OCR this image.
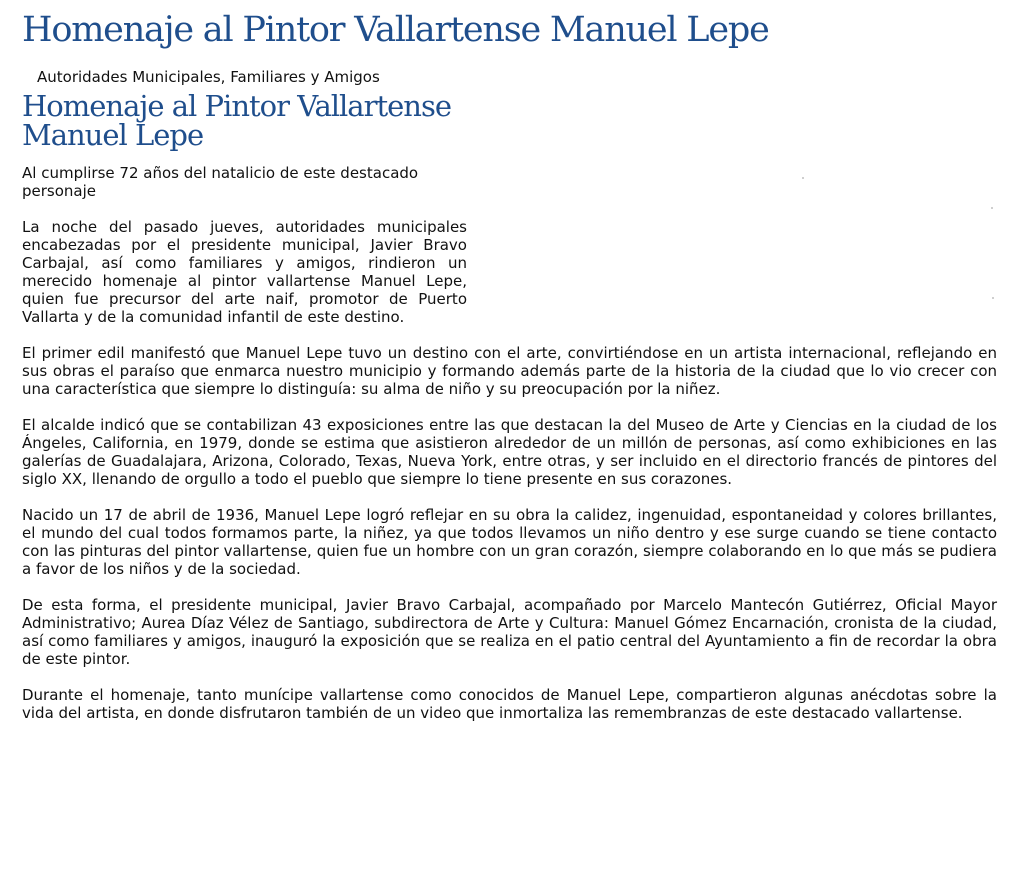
Homenaje al Pintor Vallartense Manuel Lepe
Autoridades Municipales, Familiares y Amigos
Homenaje al Pintor Vallartense Manuel Lepe

Al cumplirse 72 años del natalicio de este destacado personaje

La noche del pasado jueves, autoridades municipales encabezadas por el presidente municipal, Javier Bravo Carbajal, así como familiares y amigos, rindieron un merecido homenaje al pintor vallartense Manuel Lepe, quien fue precursor del arte naif, promotor de Puerto Vallarta y de la comunidad infantil de este destino.

El primer edil manifestó que Manuel Lepe tuvo un destino con el arte, convirtiéndose en un artista internacional, reflejando en sus obras el paraíso que enmarca nuestro municipio y formando además parte de la historia de la ciudad que lo vio crecer con una característica que siempre lo distinguía: su alma de niño y su preocupación por la niñez.

El alcalde indicó que se contabilizan 43 exposiciones entre las que destacan la del Museo de Arte y Ciencias en la ciudad de los Ángeles, California, en 1979, donde se estima que asistieron alrededor de un millón de personas, así como exhibiciones en las galerías de Guadalajara, Arizona, Colorado, Texas, Nueva York, entre otras, y ser incluido en el directorio francés de pintores del siglo XX, llenando de orgullo a todo el pueblo que siempre lo tiene presente en sus corazones.

Nacido un 17 de abril de 1936, Manuel Lepe logró reflejar en su obra la calidez, ingenuidad, espontaneidad y colores brillantes, el mundo del cual todos formamos parte, la niñez, ya que todos llevamos un niño dentro y ese surge cuando se tiene contacto con las pinturas del pintor vallartense, quien fue un hombre con un gran corazón, siempre colaborando en lo que más se pudiera a favor de los niños y de la sociedad.

De esta forma, el presidente municipal, Javier Bravo Carbajal, acompañado por Marcelo Mantecón Gutiérrez, Oficial Mayor Administrativo; Aurea Díaz Vélez de Santiago, subdirectora de Arte y Cultura: Manuel Gómez Encarnación, cronista de la ciudad, así como familiares y amigos, inauguró la exposición que se realiza en el patio central del Ayuntamiento a fin de recordar la obra de este pintor.

Durante el homenaje, tanto munícipe vallartense como conocidos de Manuel Lepe, compartieron algunas anécdotas sobre la vida del artista, en donde disfrutaron también de un video que inmortaliza las remembranzas de este destacado vallartense.
